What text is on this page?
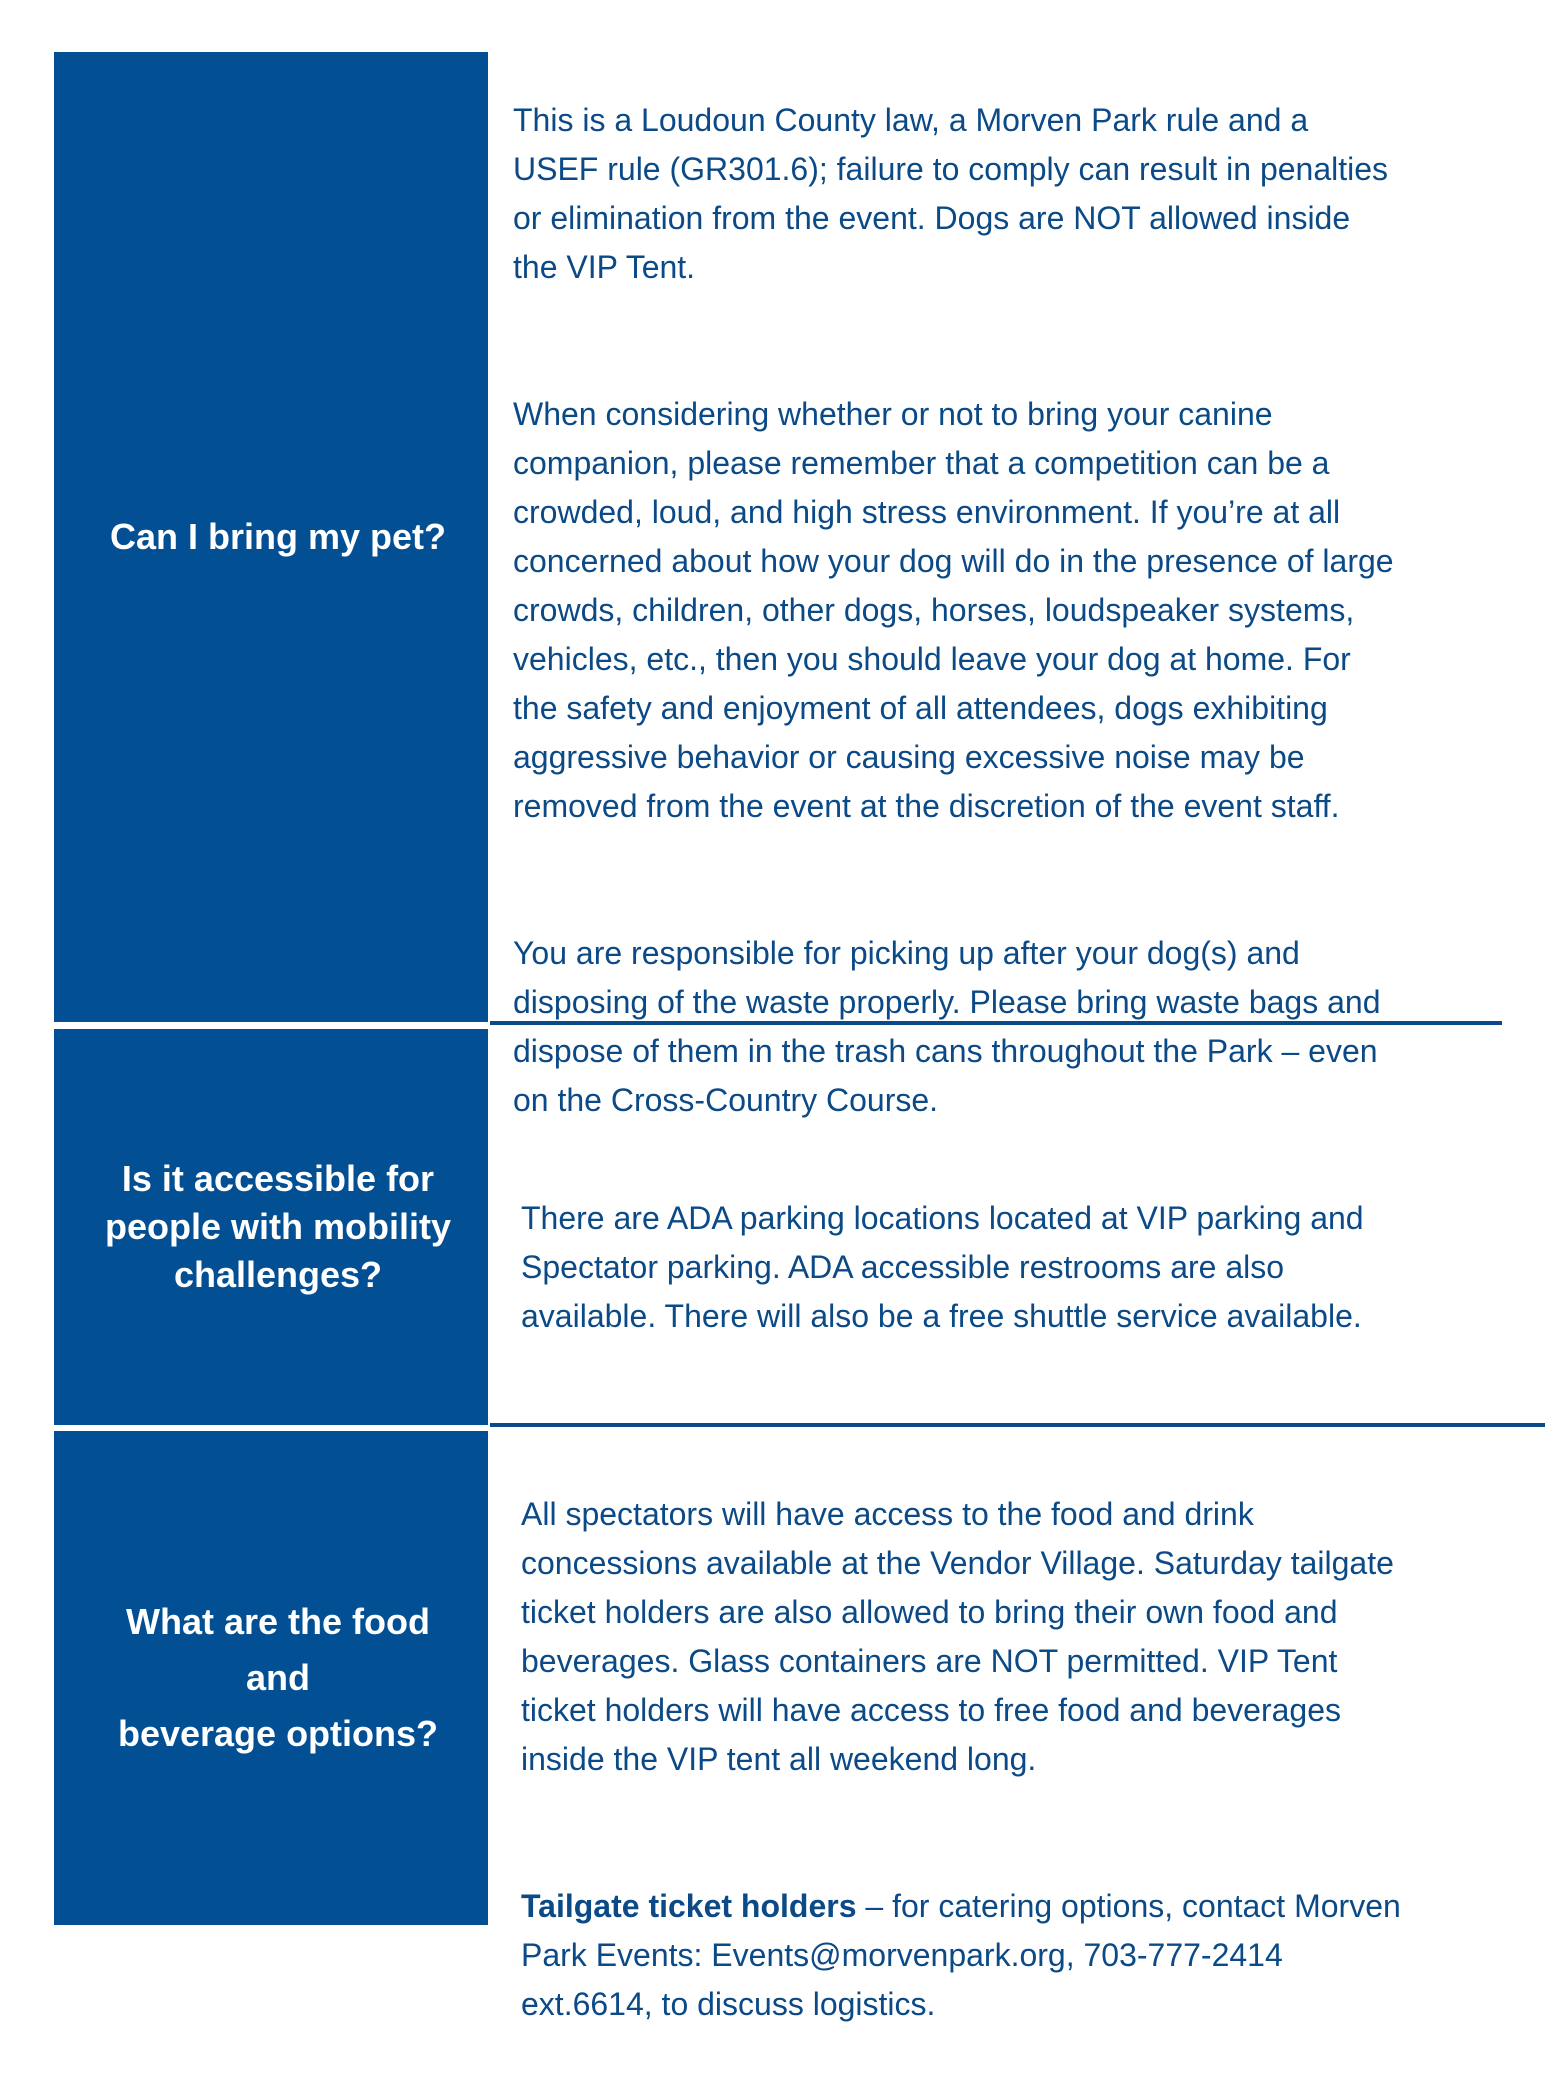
Can I bring my pet?

This is a Loudoun County law, a Morven Park rule and a
USEF rule (GR301.6); failure to comply can result in penalties
or elimination from the event. Dogs are NOT allowed inside
the VIP Tent.

When considering whether or not to bring your canine
companion, please remember that a competition can be a
crowded, loud, and high stress environment. If you’re at all
concerned about how your dog will do in the presence of large
crowds, children, other dogs, horses, loudspeaker systems,
vehicles, etc., then you should leave your dog at home. For
the safety and enjoyment of all attendees, dogs exhibiting
aggressive behavior or causing excessive noise may be
removed from the event at the discretion of the event staff.

You are responsible for picking up after your dog(s) and
disposing of the waste properly. Please bring waste bags and
dispose of them in the trash cans throughout the Park – even
on the Cross-Country Course.

Is it accessible for
people with mobility
challenges?

There are ADA parking locations located at VIP parking and
Spectator parking. ADA accessible restrooms are also
available. There will also be a free shuttle service available.

What are the food
and
beverage options?

All spectators will have access to the food and drink
concessions available at the Vendor Village. Saturday tailgate
ticket holders are also allowed to bring their own food and
beverages. Glass containers are NOT permitted. VIP Tent
ticket holders will have access to free food and beverages
inside the VIP tent all weekend long.

Tailgate ticket holders – for catering options, contact Morven
Park Events: Events@morvenpark.org, 703-777-2414
ext.6614, to discuss logistics.
